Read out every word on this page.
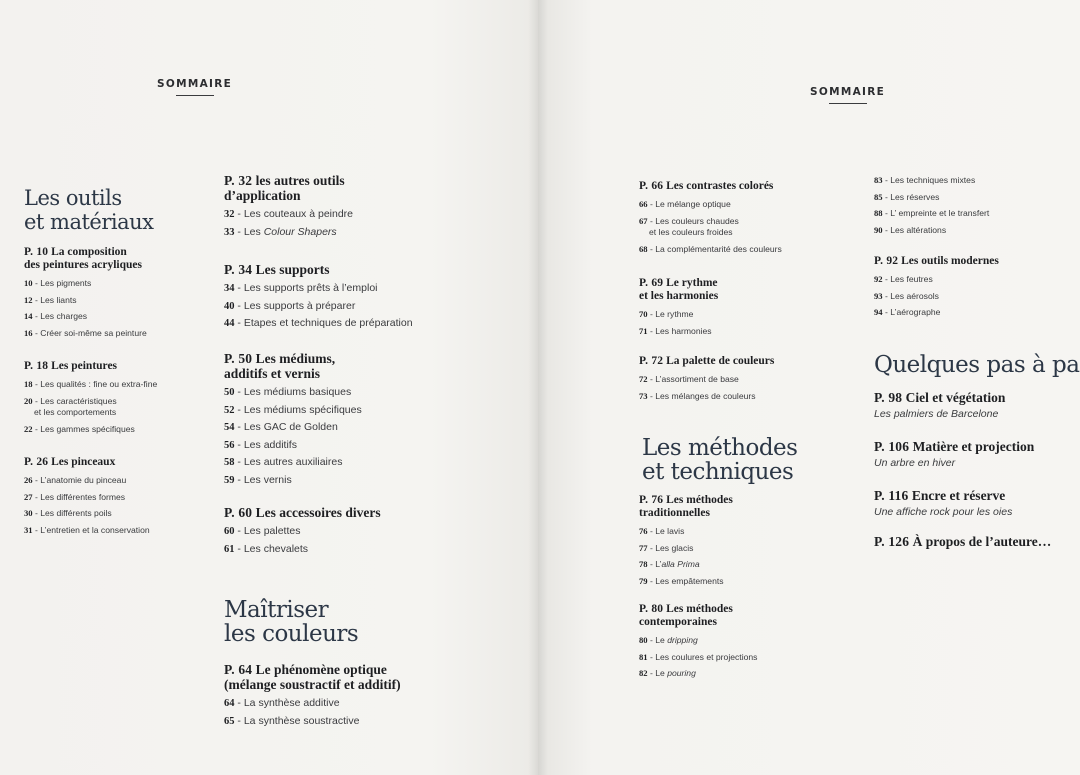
SOMMAIRE
Les outils
et matériaux
P. 10 La composition
des peintures acryliques
10 - Les pigments
12 - Les liants
14 - Les charges
16 - Créer soi-même sa peinture
P. 18 Les peintures
18 - Les qualités : fine ou extra-fine
20 - Les caractéristiques
et les comportements
22 - Les gammes spécifiques
P. 26 Les pinceaux
26 - L’anatomie du pinceau
27 - Les différentes formes
30 - Les différents poils
31 - L’entretien et la conservation
P. 32 les autres outils
d’application
32 - Les couteaux à peindre
33 - Les Colour Shapers
P. 34 Les supports
34 - Les supports prêts à l’emploi
40 - Les supports à préparer
44 - Etapes et techniques de préparation
P. 50 Les médiums,
additifs et vernis
50 - Les médiums basiques
52 - Les médiums spécifiques
54 - Les GAC de Golden
56 - Les additifs
58 - Les autres auxiliaires
59 - Les vernis
P. 60 Les accessoires divers
60 - Les palettes
61 - Les chevalets
Maîtriser
les couleurs
P. 64 Le phénomène optique
(mélange soustractif et additif)
64 - La synthèse additive
65 - La synthèse soustractive
SOMMAIRE
P. 66 Les contrastes colorés
66 - Le mélange optique
67 - Les couleurs chaudes
et les couleurs froides
68 - La complémentarité des couleurs
P. 69 Le rythme
et les harmonies
70 - Le rythme
71 - Les harmonies
P. 72 La palette de couleurs
72 - L’assortiment de base
73 - Les mélanges de couleurs
Les méthodes
et techniques
P. 76 Les méthodes
traditionnelles
76 - Le lavis
77 - Les glacis
78 - L’alla Prima
79 - Les empâtements
P. 80 Les méthodes
contemporaines
80 - Le dripping
81 - Les coulures et projections
82 - Le pouring
83 - Les techniques mixtes
85 - Les réserves
88 - L’ empreinte et le transfert
90 - Les altérations
P. 92 Les outils modernes
92 - Les feutres
93 - Les aérosols
94 - L’aérographe
Quelques pas à pa
P. 98 Ciel et végétation
Les palmiers de Barcelone
P. 106 Matière et projection
Un arbre en hiver
P. 116 Encre et réserve
Une affiche rock pour les oies
P. 126 À propos de l’auteure…
